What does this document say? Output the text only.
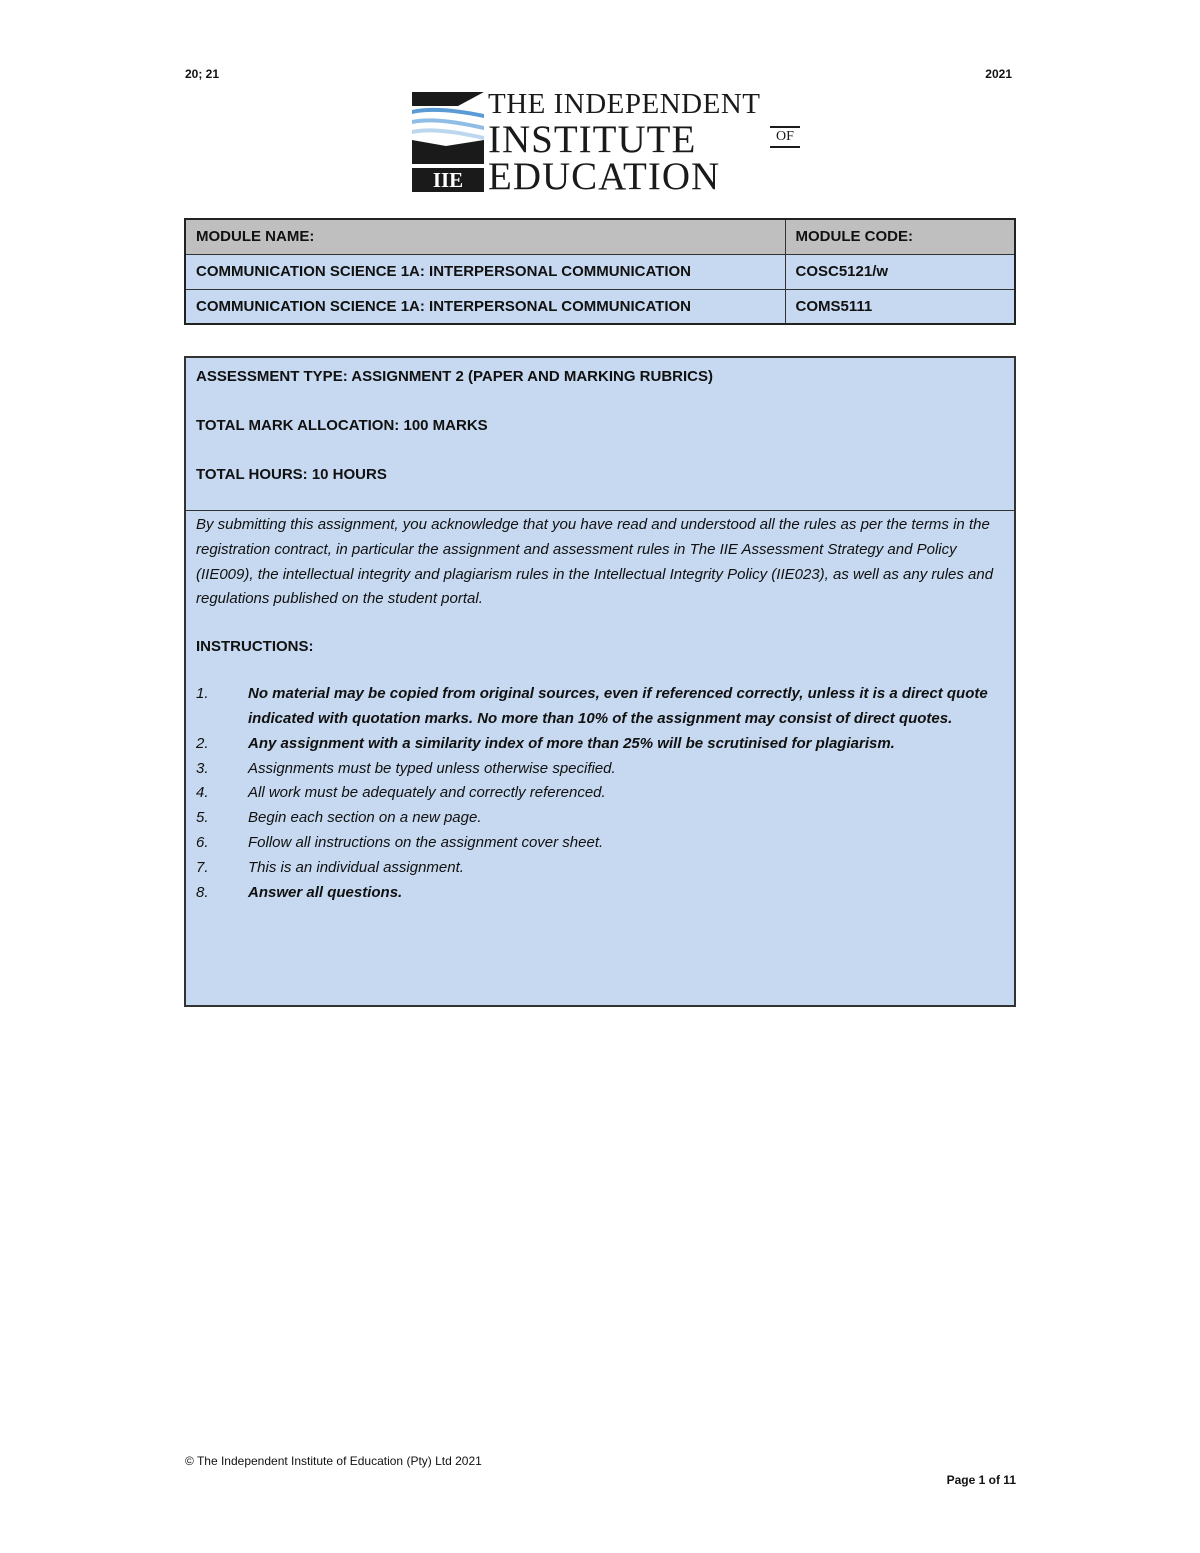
20; 21	2021
IIE
THE INDEPENDENT
INSTITUTE	OF
EDUCATION
MODULE NAME:	MODULE CODE:
COMMUNICATION SCIENCE 1A: INTERPERSONAL COMMUNICATION	COSC5121/w
COMMUNICATION SCIENCE 1A: INTERPERSONAL COMMUNICATION	COMS5111

ASSESSMENT TYPE: ASSIGNMENT 2 (PAPER AND MARKING RUBRICS)

TOTAL MARK ALLOCATION: 100 MARKS

TOTAL HOURS: 10 HOURS

By submitting this assignment, you acknowledge that you have read and understood all the rules as per the terms in the registration contract, in particular the assignment and assessment rules in The IIE Assessment Strategy and Policy (IIE009), the intellectual integrity and plagiarism rules in the Intellectual Integrity Policy (IIE023), as well as any rules and regulations published on the student portal.

INSTRUCTIONS:

1.	No material may be copied from original sources, even if referenced correctly, unless it is a direct quote indicated with quotation marks. No more than 10% of the assignment may consist of direct quotes.
2.	Any assignment with a similarity index of more than 25% will be scrutinised for plagiarism.
3.	Assignments must be typed unless otherwise specified.
4.	All work must be adequately and correctly referenced.
5.	Begin each section on a new page.
6.	Follow all instructions on the assignment cover sheet.
7.	This is an individual assignment.
8.	Answer all questions.
© The Independent Institute of Education (Pty) Ltd 2021
Page 1 of 11
